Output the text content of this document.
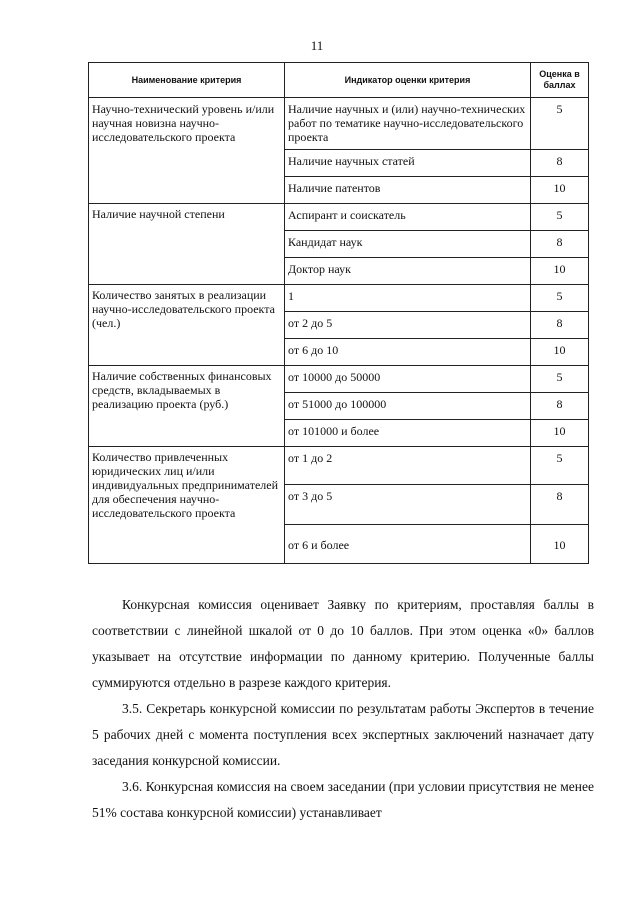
11
Наименование критерия	Индикатор оценки критерия	Оценка в баллах
Научно-технический уровень и/или научная новизна научно-исследовательского проекта	Наличие научных и (или) научно-технических работ по тематике научно-исследовательского проекта	5
	Наличие научных статей	8
	Наличие патентов	10
Наличие научной степени	Аспирант и соискатель	5
	Кандидат наук	8
	Доктор наук	10
Количество занятых в реализации научно-исследовательского проекта (чел.)	1	5
	от 2 до 5	8
	от 6 до 10	10
Наличие собственных финансовых средств, вкладываемых в реализацию проекта (руб.)	от 10000 до 50000	5
	от 51000 до 100000	8
	от 101000 и более	10
Количество привлеченных юридических лиц и/или индивидуальных предпринимателей для обеспечения научно-исследовательского проекта	от 1 до 2	5
	от 3 до 5	8
	от 6 и более	10

Конкурсная комиссия оценивает Заявку по критериям, проставляя баллы в соответствии с линейной шкалой от 0 до 10 баллов. При этом оценка «0» баллов указывает на отсутствие информации по данному критерию. Полученные баллы суммируются отдельно в разрезе каждого критерия.

3.5. Секретарь конкурсной комиссии по результатам работы Экспертов в течение 5 рабочих дней с момента поступления всех экспертных заключений назначает дату заседания конкурсной комиссии.

3.6. Конкурсная комиссия на своем заседании (при условии присутствия не менее 51% состава конкурсной комиссии) устанавливает
